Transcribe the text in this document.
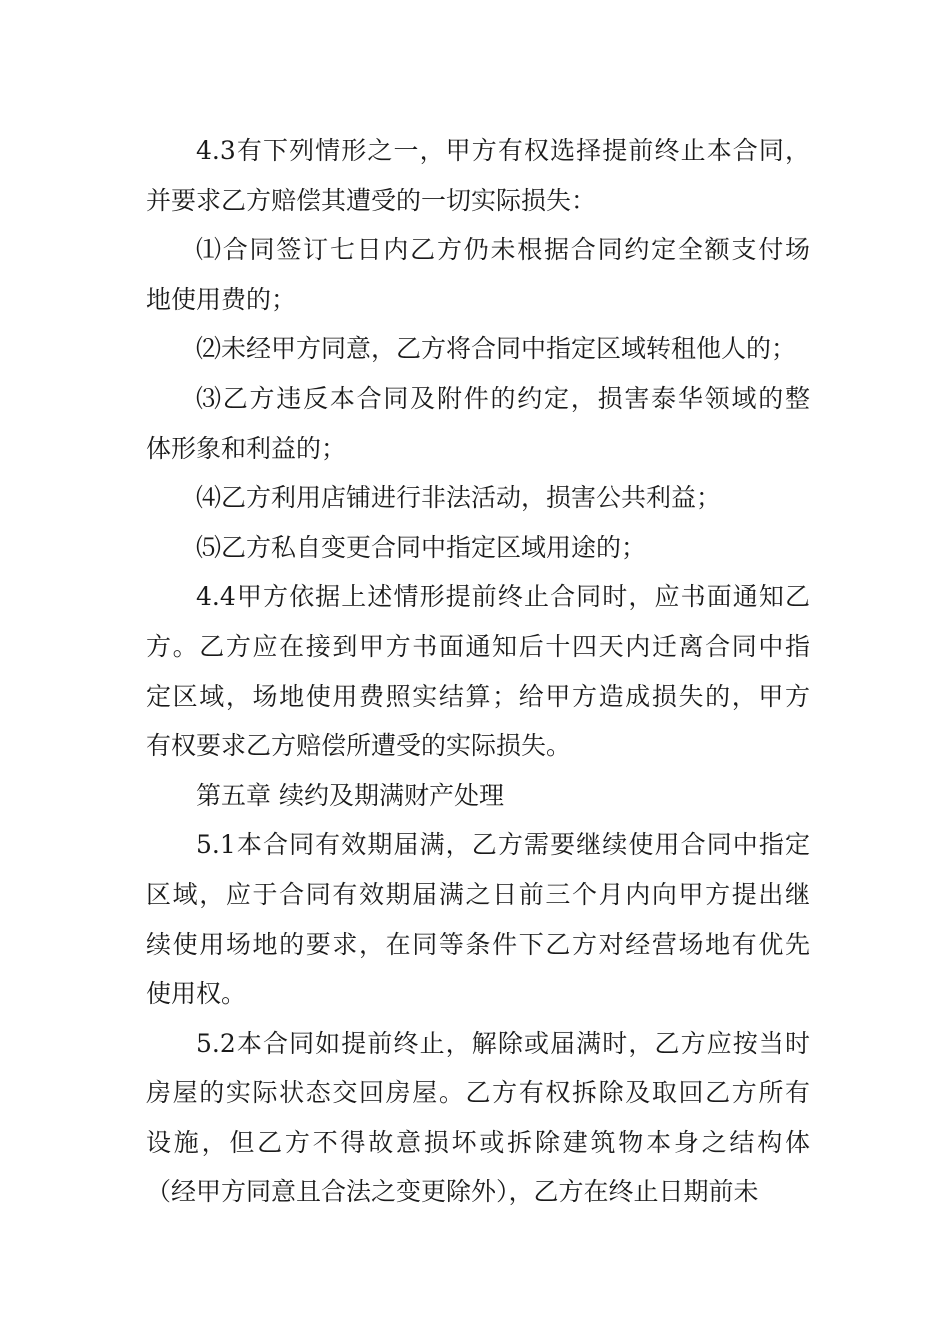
4.3有下列情形之一，甲方有权选择提前终止本合同，
并要求乙方赔偿其遭受的一切实际损失：
⑴合同签订七日内乙方仍未根据合同约定全额支付场
地使用费的；
⑵未经甲方同意，乙方将合同中指定区域转租他人的；
⑶乙方违反本合同及附件的约定，损害泰华领域的整
体形象和利益的；
⑷乙方利用店铺进行非法活动，损害公共利益；
⑸乙方私自变更合同中指定区域用途的；
4.4甲方依据上述情形提前终止合同时，应书面通知乙
方。乙方应在接到甲方书面通知后十四天内迁离合同中指
定区域，场地使用费照实结算；给甲方造成损失的，甲方
有权要求乙方赔偿所遭受的实际损失。
第五章 续约及期满财产处理
5.1本合同有效期届满，乙方需要继续使用合同中指定
区域，应于合同有效期届满之日前三个月内向甲方提出继
续使用场地的要求，在同等条件下乙方对经营场地有优先
使用权。
5.2本合同如提前终止，解除或届满时，乙方应按当时
房屋的实际状态交回房屋。乙方有权拆除及取回乙方所有
设施，但乙方不得故意损坏或拆除建筑物本身之结构体
（经甲方同意且合法之变更除外），乙方在终止日期前未
